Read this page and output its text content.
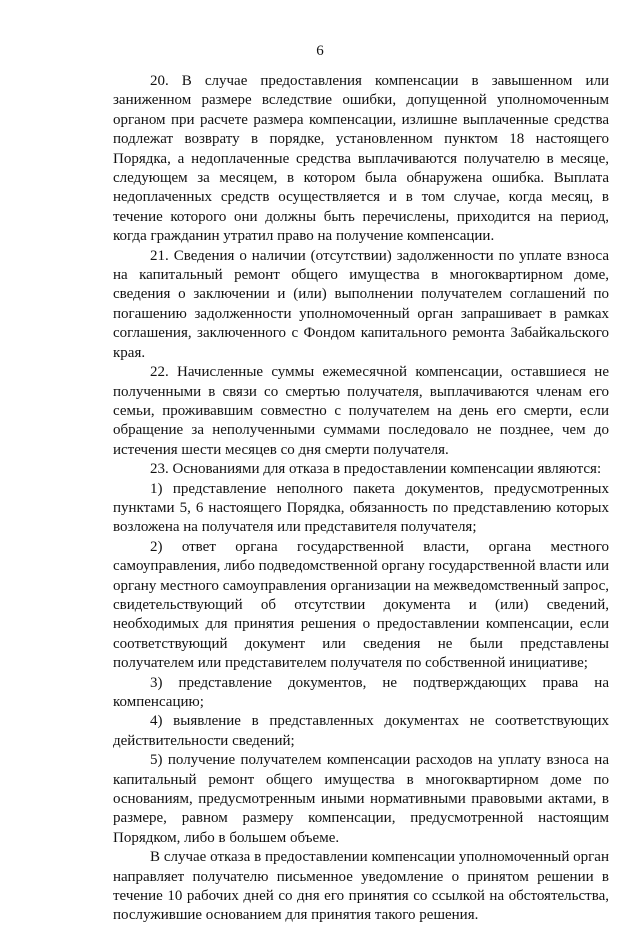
6

20. В случае предоставления компенсации в завышенном или заниженном размере вследствие ошибки, допущенной уполномоченным органом при расчете размера компенсации, излишне выплаченные средства подлежат возврату в порядке, установленном пунктом 18 настоящего Порядка, а недоплаченные средства выплачиваются получателю в месяце, следующем за месяцем, в котором была обнаружена ошибка. Выплата недоплаченных средств осуществляется и в том случае, когда месяц, в течение которого они должны быть перечислены, приходится на период, когда гражданин утратил право на получение компенсации.

21. Сведения о наличии (отсутствии) задолженности по уплате взноса на капитальный ремонт общего имущества в многоквартирном доме, сведения о заключении и (или) выполнении получателем соглашений по погашению задолженности уполномоченный орган запрашивает в рамках соглашения, заключенного с Фондом капитального ремонта Забайкальского края.

22. Начисленные суммы ежемесячной компенсации, оставшиеся не полученными в связи со смертью получателя, выплачиваются членам его семьи, проживавшим совместно с получателем на день его смерти, если обращение за неполученными суммами последовало не позднее, чем до истечения шести месяцев со дня смерти получателя.

23. Основаниями для отказа в предоставлении компенсации являются:

1) представление неполного пакета документов, предусмотренных пунктами 5, 6 настоящего Порядка, обязанность по представлению которых возложена на получателя или представителя получателя;

2) ответ органа государственной власти, органа местного самоуправления, либо подведомственной органу государственной власти или органу местного самоуправления организации на межведомственный запрос, свидетельствующий об отсутствии документа и (или) сведений, необходимых для принятия решения о предоставлении компенсации, если соответствующий документ или сведения не были представлены получателем или представителем получателя по собственной инициативе;

3) представление документов, не подтверждающих права на компенсацию;

4) выявление в представленных документах не соответствующих действительности сведений;

5) получение получателем компенсации расходов на уплату взноса на капитальный ремонт общего имущества в многоквартирном доме по основаниям, предусмотренным иными нормативными правовыми актами, в размере, равном размеру компенсации, предусмотренной настоящим Порядком, либо в большем объеме.

В случае отказа в предоставлении компенсации уполномоченный орган направляет получателю письменное уведомление о принятом решении в течение 10 рабочих дней со дня его принятия со ссылкой на обстоятельства, послужившие основанием для принятия такого решения.
